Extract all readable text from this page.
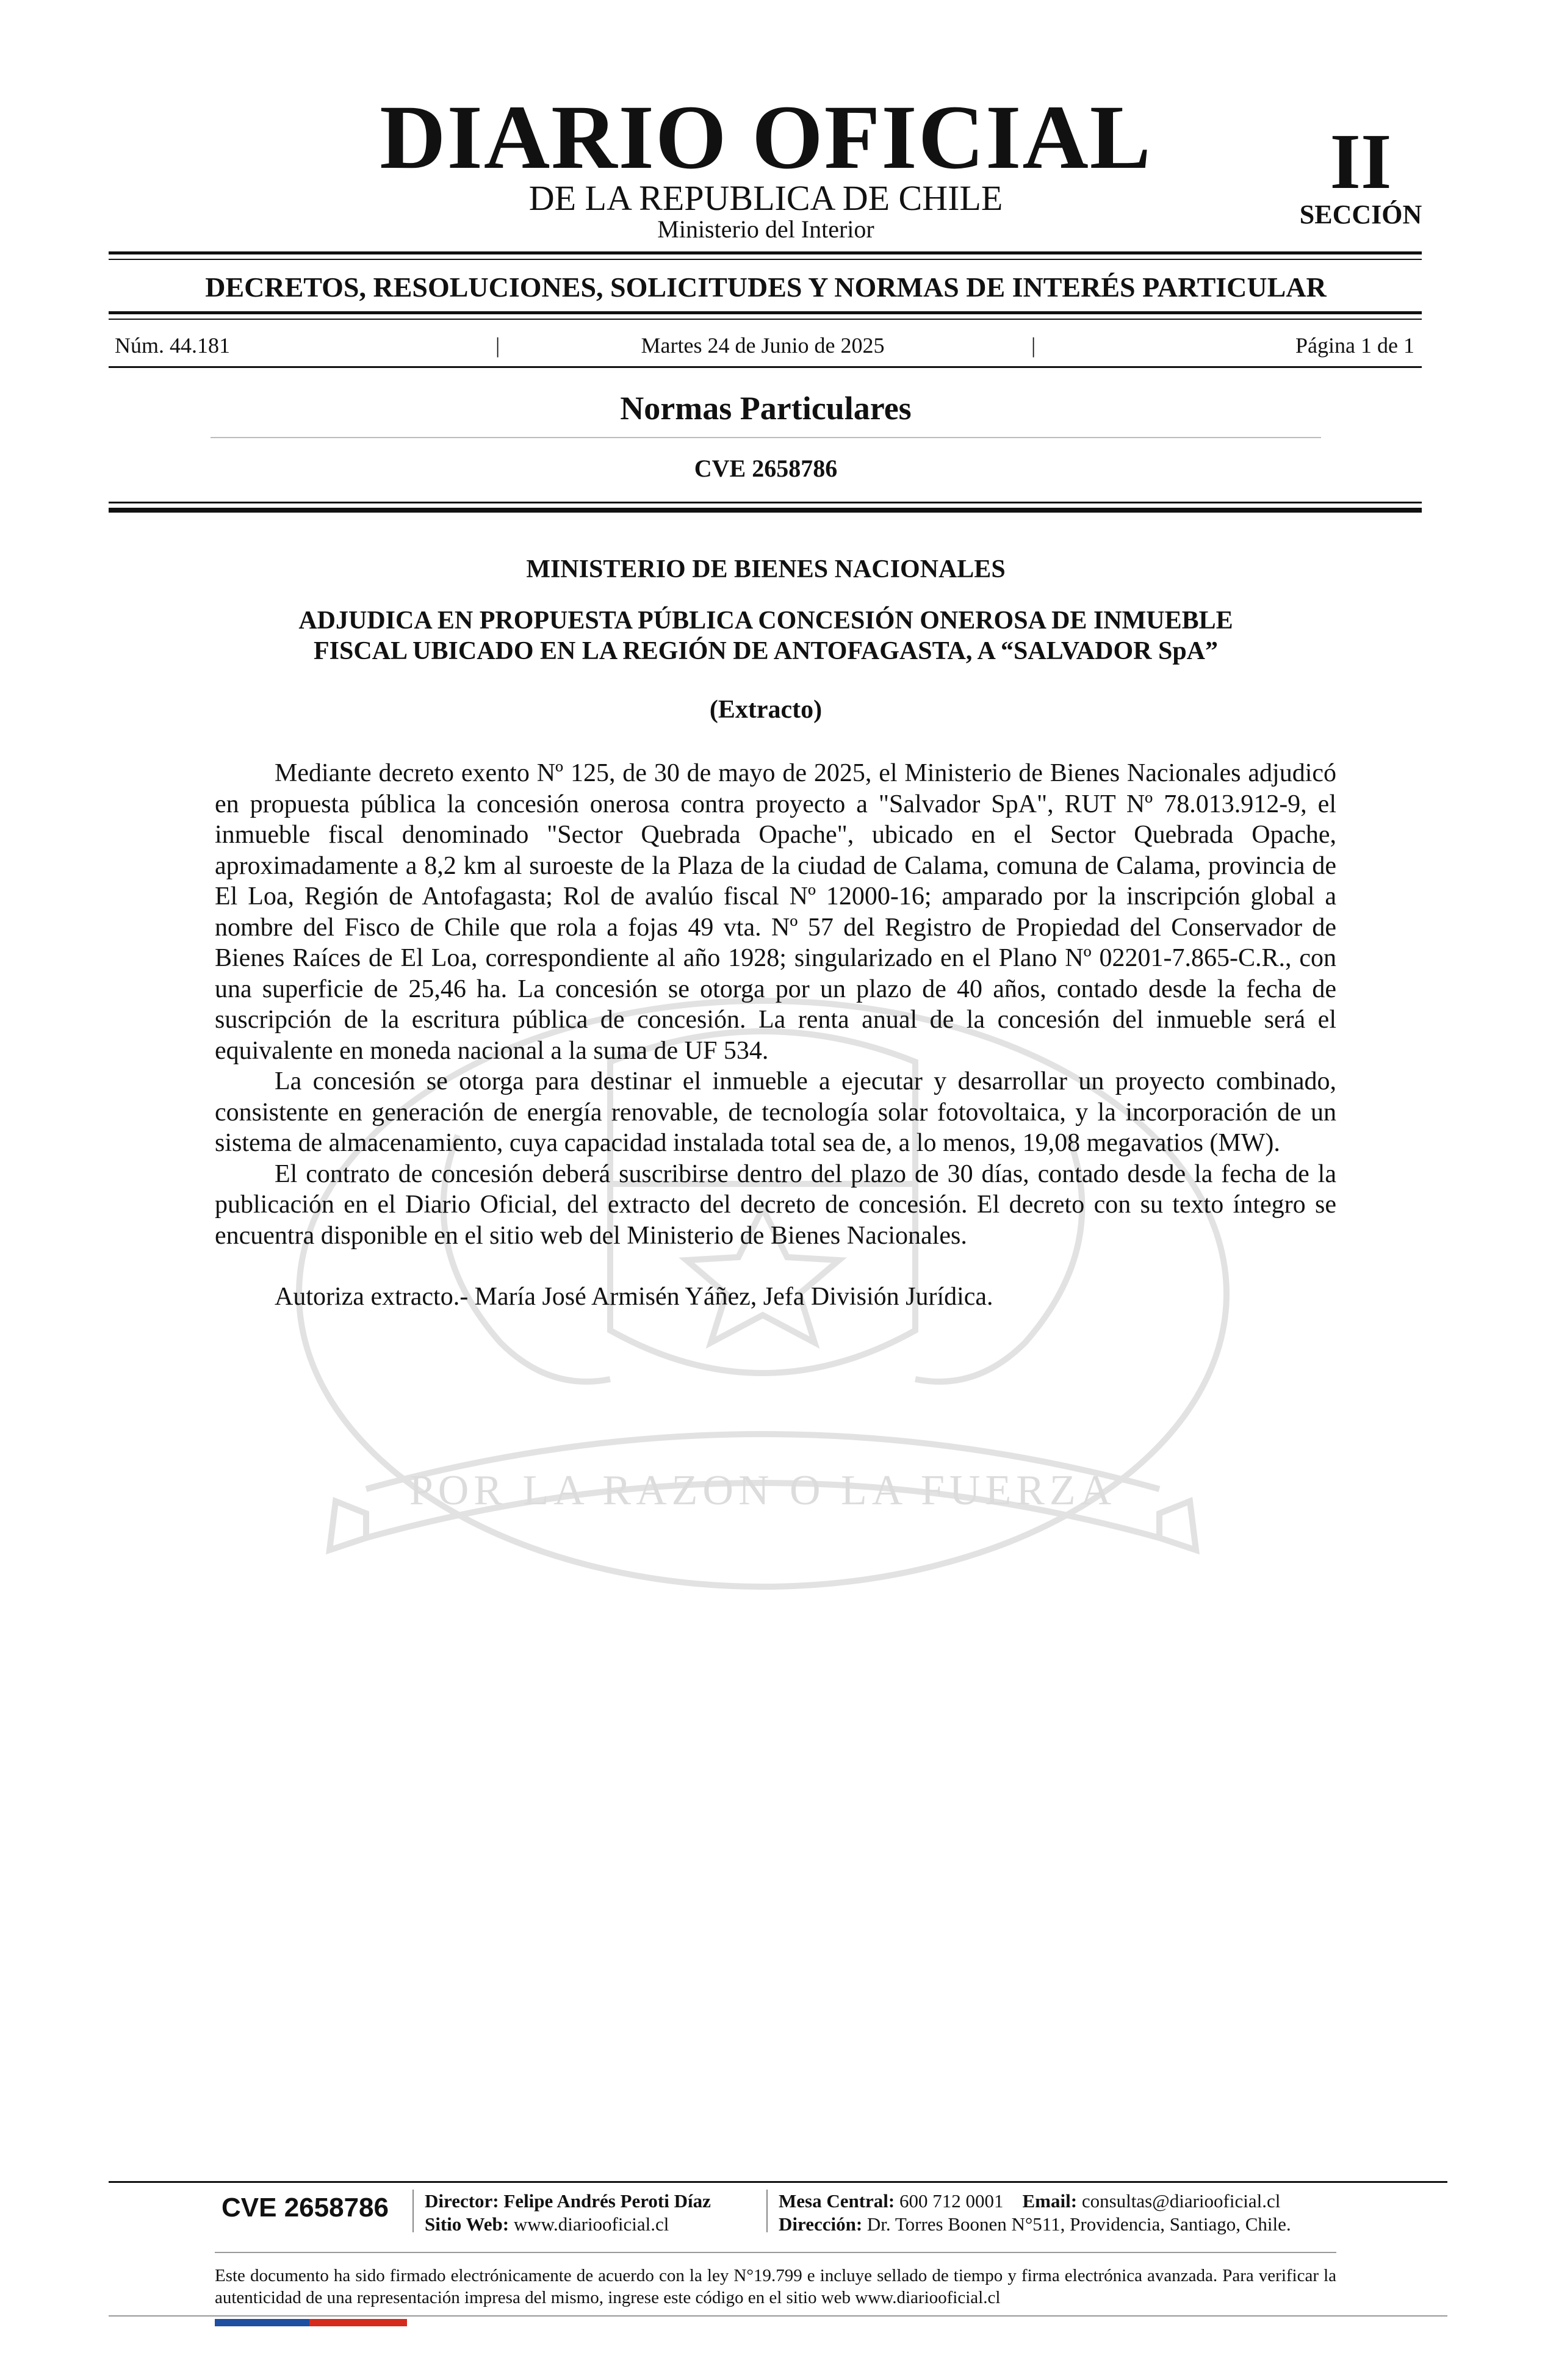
POR LA RAZON O LA FUERZA
DIARIO OFICIAL
DE LA REPUBLICA DE CHILE
Ministerio del Interior
II
SECCIÓN
DECRETOS, RESOLUCIONES, SOLICITUDES Y NORMAS DE INTERÉS PARTICULAR
Núm. 44.181	|	Martes 24 de Junio de 2025	|	Página 1 de 1
Normas Particulares
CVE 2658786
MINISTERIO DE BIENES NACIONALES
ADJUDICA EN PROPUESTA PÚBLICA CONCESIÓN ONEROSA DE INMUEBLE
FISCAL UBICADO EN LA REGIÓN DE ANTOFAGASTA, A “SALVADOR SpA”
(Extracto)

Mediante decreto exento Nº 125, de 30 de mayo de 2025, el Ministerio de Bienes Nacionales adjudicó en propuesta pública la concesión onerosa contra proyecto a "Salvador SpA", RUT Nº 78.013.912-9, el inmueble fiscal denominado "Sector Quebrada Opache", ubicado en el Sector Quebrada Opache, aproximadamente a 8,2 km al suroeste de la Plaza de la ciudad de Calama, comuna de Calama, provincia de El Loa, Región de Antofagasta; Rol de avalúo fiscal Nº 12000-16; amparado por la inscripción global a nombre del Fisco de Chile que rola a fojas 49 vta. Nº 57 del Registro de Propiedad del Conservador de Bienes Raíces de El Loa, correspondiente al año 1928; singularizado en el Plano Nº 02201-7.865-C.R., con una superficie de 25,46 ha. La concesión se otorga por un plazo de 40 años, contado desde la fecha de suscripción de la escritura pública de concesión. La renta anual de la concesión del inmueble será el equivalente en moneda nacional a la suma de UF 534.

La concesión se otorga para destinar el inmueble a ejecutar y desarrollar un proyecto combinado, consistente en generación de energía renovable, de tecnología solar fotovoltaica, y la incorporación de un sistema de almacenamiento, cuya capacidad instalada total sea de, a lo menos, 19,08 megavatios (MW).

El contrato de concesión deberá suscribirse dentro del plazo de 30 días, contado desde la fecha de la publicación en el Diario Oficial, del extracto del decreto de concesión. El decreto con su texto íntegro se encuentra disponible en el sitio web del Ministerio de Bienes Nacionales.

Autoriza extracto.- María José Armisén Yáñez, Jefa División Jurídica.

CVE 2658786	Director: Felipe Andrés Peroti Díaz
Sitio Web: www.diariooficial.cl
Mesa Central: 600 712 0001 Email: consultas@diariooficial.cl
Dirección: Dr. Torres Boonen N°511, Providencia, Santiago, Chile.
Este documento ha sido firmado electrónicamente de acuerdo con la ley N°19.799 e incluye sellado de tiempo y firma electrónica avanzada. Para verificar la autenticidad de una representación impresa del mismo, ingrese este código en el sitio web www.diariooficial.cl
